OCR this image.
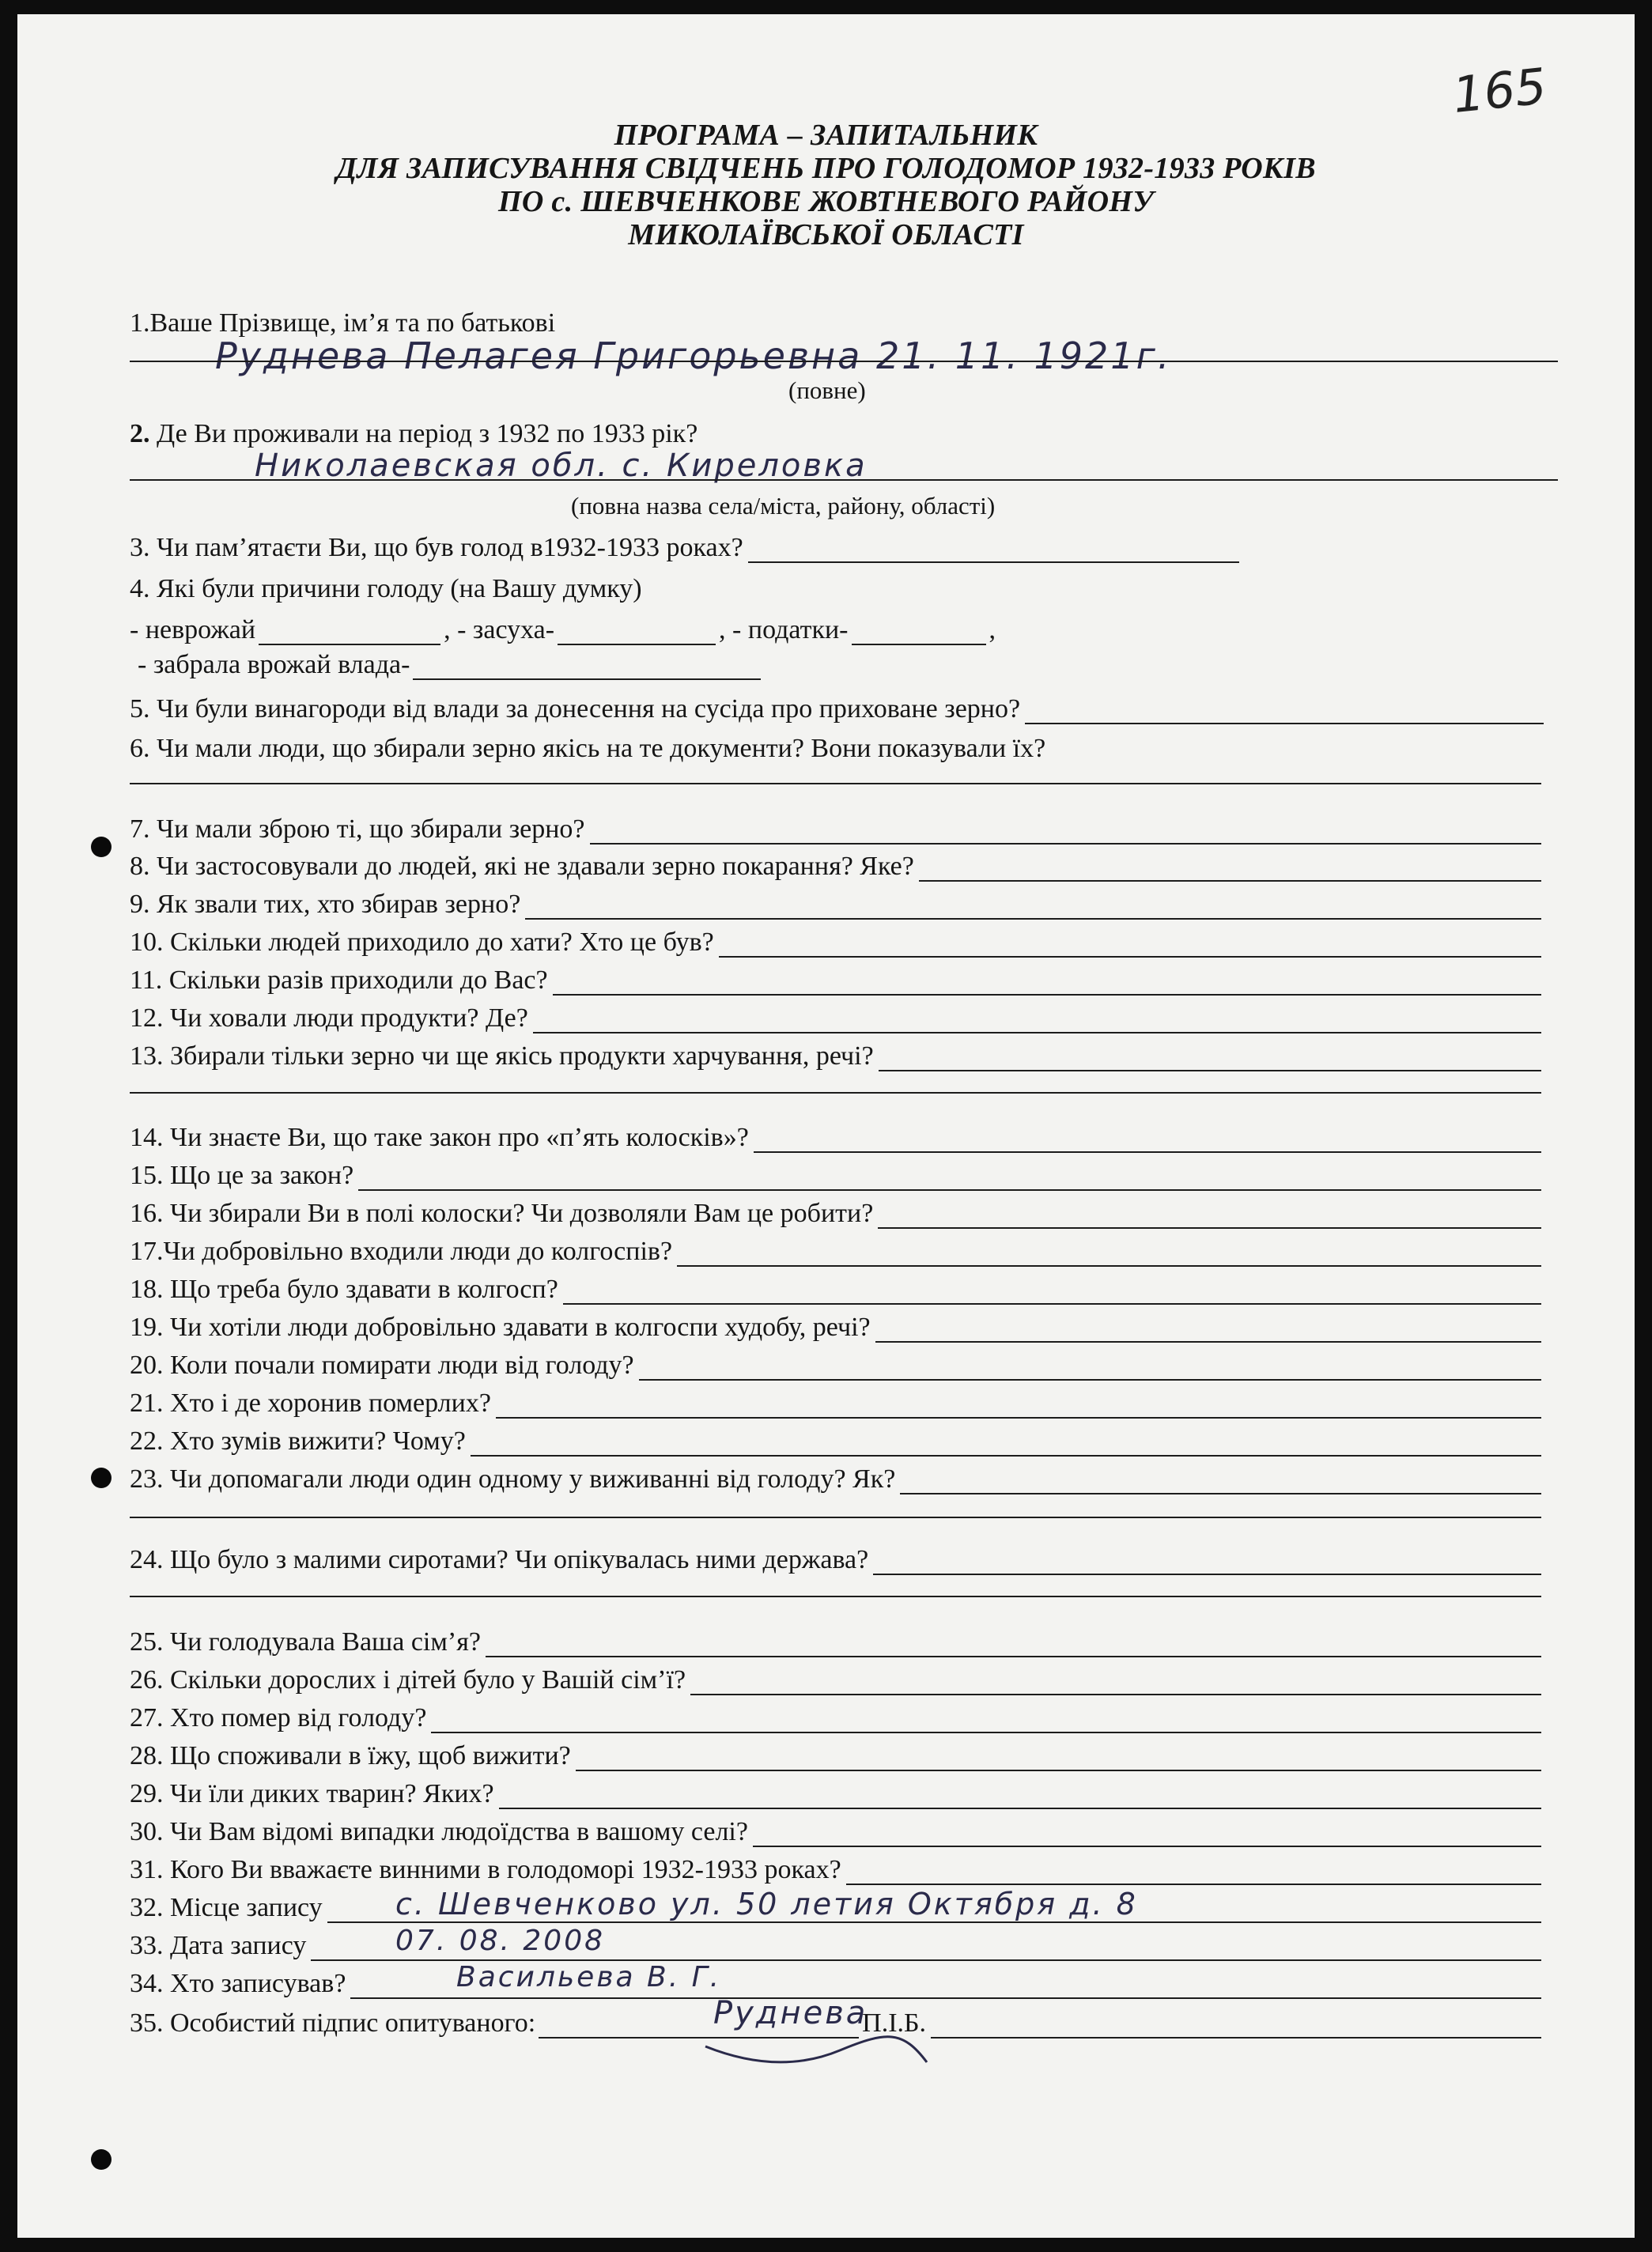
165
ПРОГРАМА – ЗАПИТАЛЬНИК
ДЛЯ ЗАПИСУВАННЯ СВІДЧЕНЬ ПРО ГОЛОДОМОР 1932-1933 РОКІВ
ПО с. ШЕВЧЕНКОВЕ ЖОВТНЕВОГО РАЙОНУ
МИКОЛАЇВСЬКОЇ ОБЛАСТІ
1.Ваше Прізвище, ім’я та по батькові
Руднева Пелагея Григорьевна 21. 11. 1921г.
(повне)
2. Де Ви проживали на період з 1932 по 1933 рік?
Николаевская обл. с. Киреловка
(повна назва села/міста, району, області)
3. Чи пам’ятаєти Ви, що був голод в1932-1933 роках?
4. Які були причини голоду (на Вашу думку)
- неврожай	, - засуха-	, - податки-	,
- забрала врожай влада-
5. Чи були винагороди від влади за донесення на сусіда про приховане зерно?
6. Чи мали люди, що збирали зерно якісь на те документи? Вони показували їх?
7. Чи мали зброю ті, що збирали зерно?
8. Чи застосовували до людей, які не здавали зерно покарання? Яке?
9. Як звали тих, хто збирав зерно?
10. Скільки людей приходило до хати? Хто це був?
11. Скільки разів приходили до Вас?
12. Чи ховали люди продукти? Де?
13. Збирали тільки зерно чи ще якісь продукти харчування, речі?
14. Чи знаєте Ви, що таке закон про «п’ять колосків»?
15. Що це за закон?
16. Чи збирали Ви в полі колоски? Чи дозволяли Вам це робити?
17.Чи добровільно входили люди до колгоспів?
18. Що треба було здавати в колгосп?
19. Чи хотіли люди добровільно здавати в колгоспи худобу, речі?
20. Коли почали помирати люди від голоду?
21. Хто і де хоронив померлих?
22. Хто зумів вижити? Чому?
23. Чи допомагали люди один одному у виживанні від голоду? Як?
24. Що було з малими сиротами? Чи опікувалась ними держава?
25. Чи голодувала Ваша сім’я?
26. Скільки дорослих і дітей було у Вашій сім’ї?
27. Хто помер від голоду?
28. Що споживали в їжу, щоб вижити?
29. Чи їли диких тварин? Яких?
30. Чи Вам відомі випадки людоїдства в вашому селі?
31. Кого Ви вважаєте винними в голодоморі 1932-1933 роках?
32. Місце запису с. Шевченково ул. 50 летия Октября д. 8
33. Дата запису	07. 08. 2008
34. Хто записував?	Васильева В. Г.
35. Особистий підпис опитуваного:	П.І.Б.
Руднева
